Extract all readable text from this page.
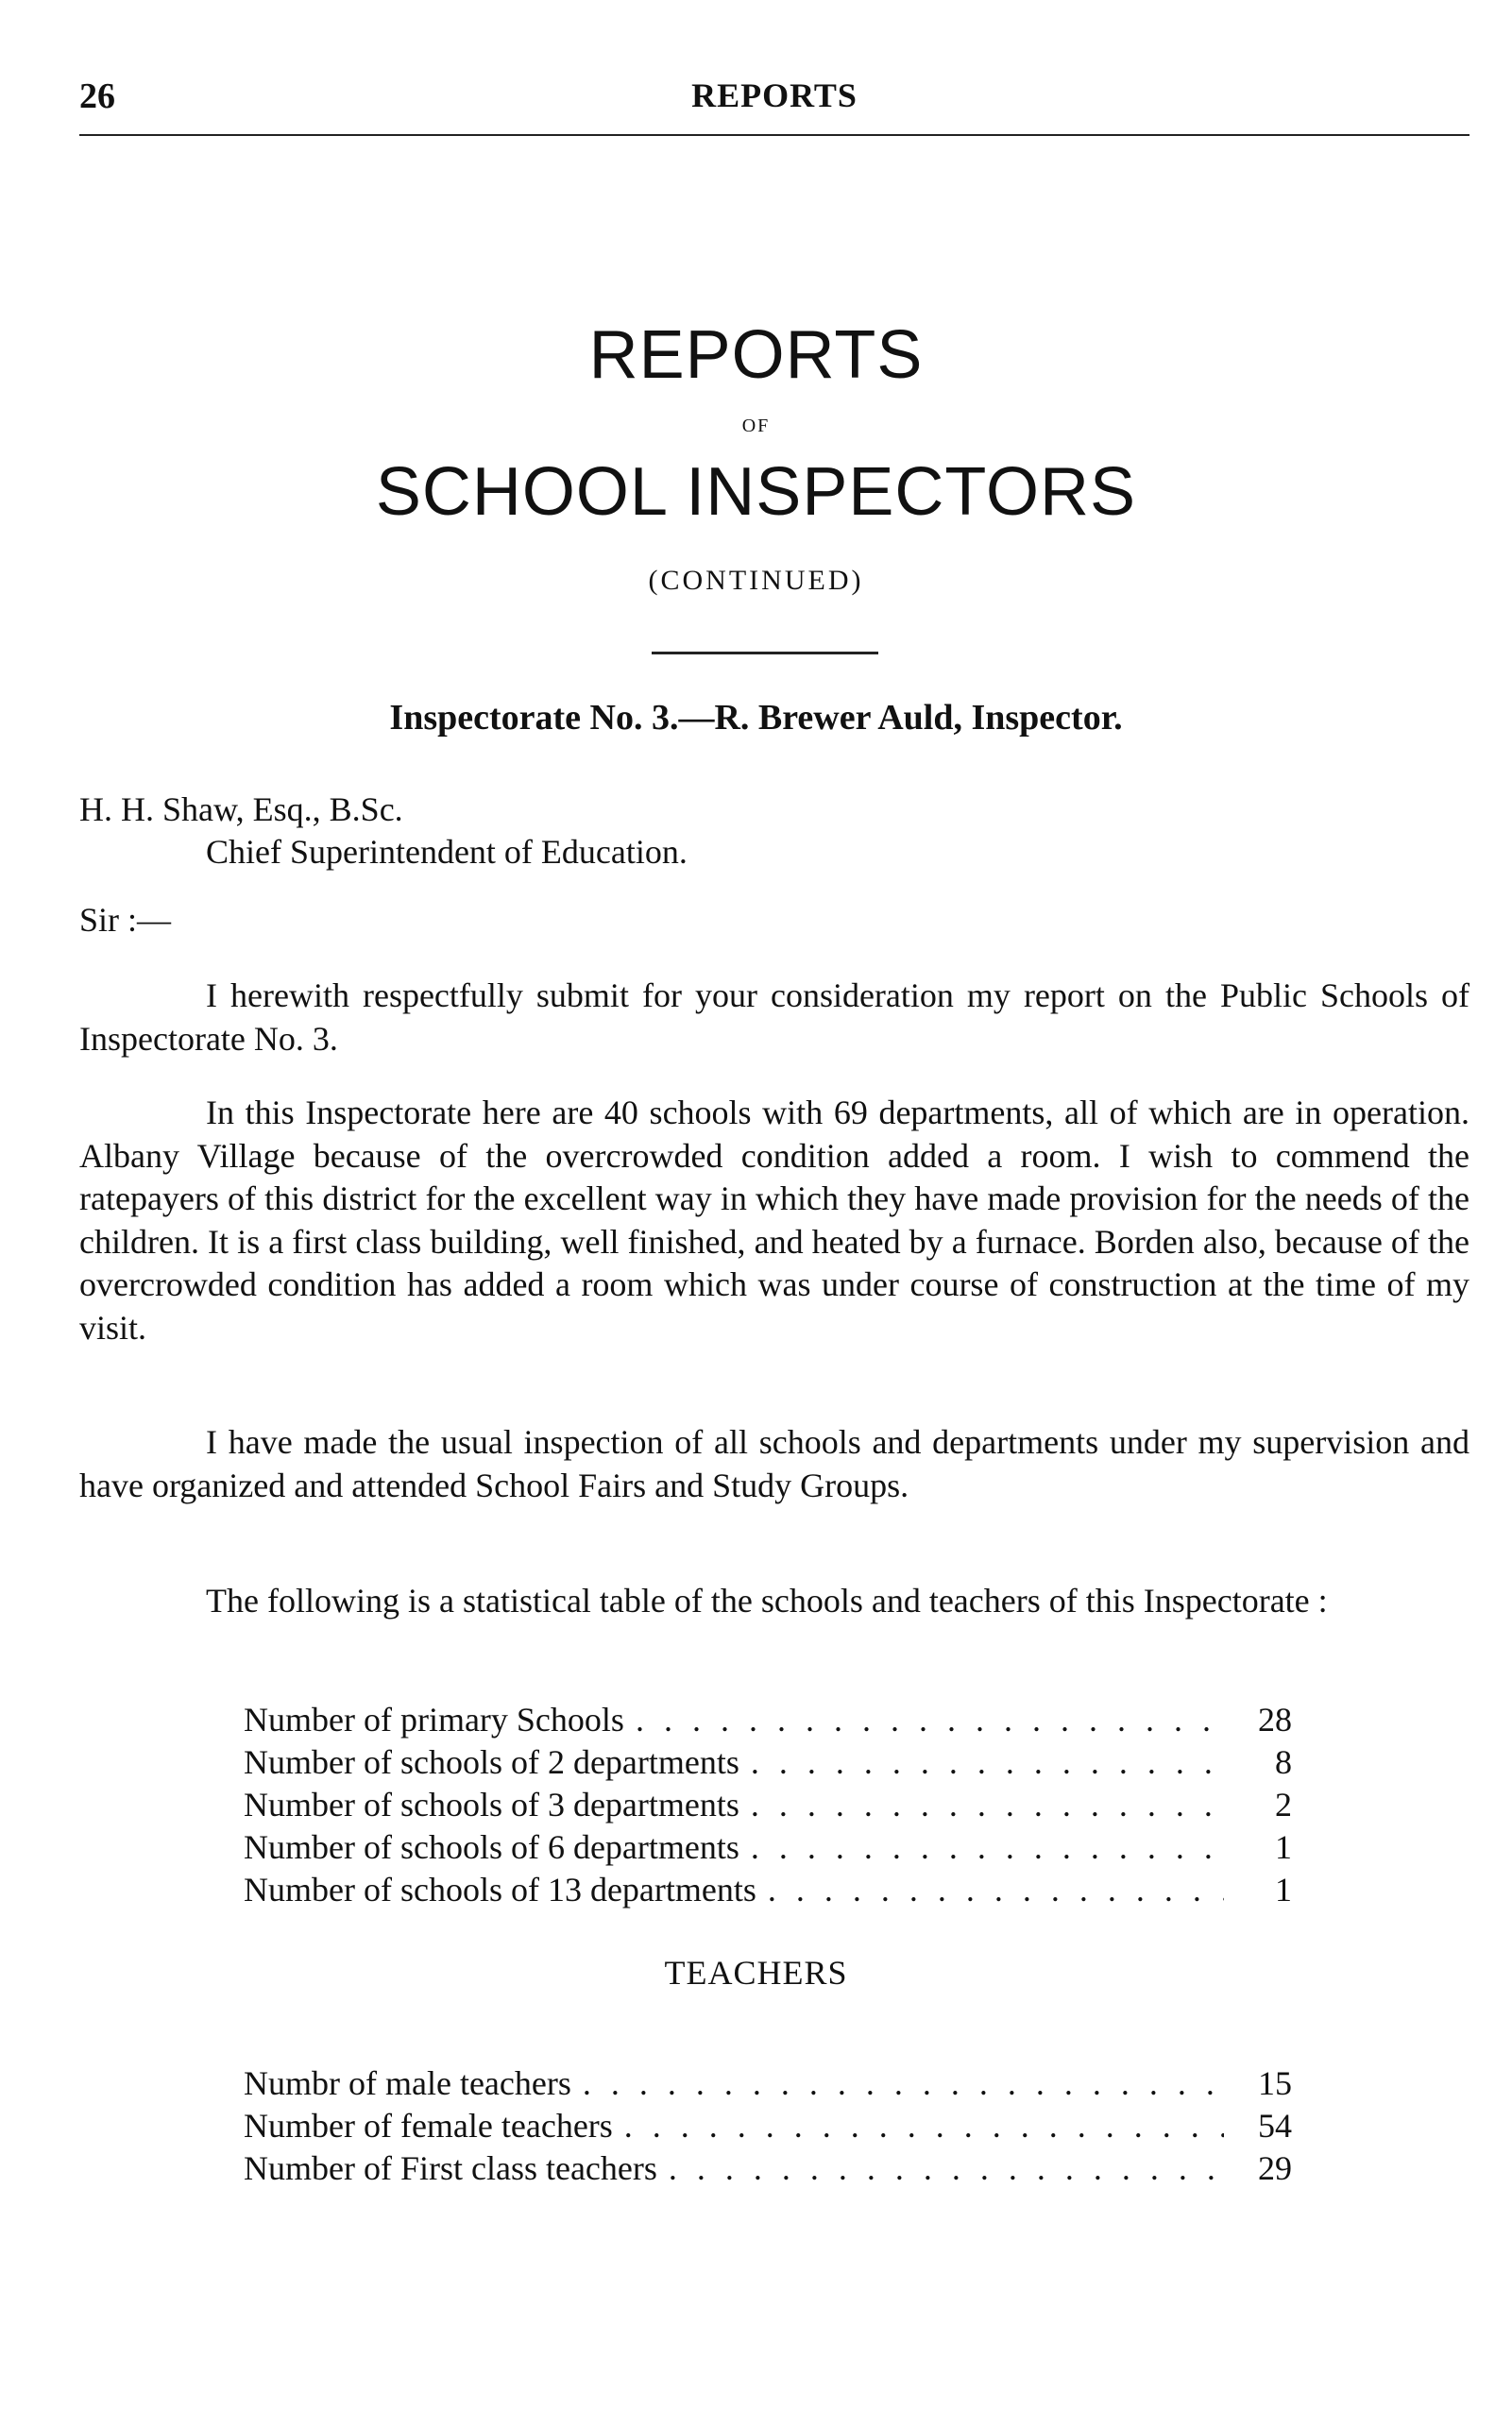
26	REPORTS
REPORTS
OF
SCHOOL INSPECTORS
(CONTINUED)
Inspectorate No. 3.—R. Brewer Auld, Inspector.
H. H. Shaw, Esq., B.Sc.
Chief Superintendent of Education.
Sir :—
I herewith respectfully submit for your consideration my report on the Public Schools of Inspectorate No. 3.
In this Inspectorate here are 40 schools with 69 departments, all of which are in operation. Albany Village because of the overcrowded condition added a room. I wish to commend the ratepayers of this district for the excellent way in which they have made provision for the needs of the children. It is a first class building, well finished, and heated by a furnace. Borden also, because of the overcrowded condition has added a room which was under course of construction at the time of my visit.
I have made the usual inspection of all schools and departments under my supervision and have organized and attended School Fairs and Study Groups.
The following is a statistical table of the schools and teachers of this Inspectorate :
Number of primary Schools . . .	28
Number of schools of 2 departments . . .	8
Number of schools of 3 departments . . .	2
Number of schools of 6 departments . . .	1
Number of schools of 13 departments . . .	1
TEACHERS
Numbr of male teachers . . .	15
Number of female teachers . . .	54
Number of First class teachers . . .	29
